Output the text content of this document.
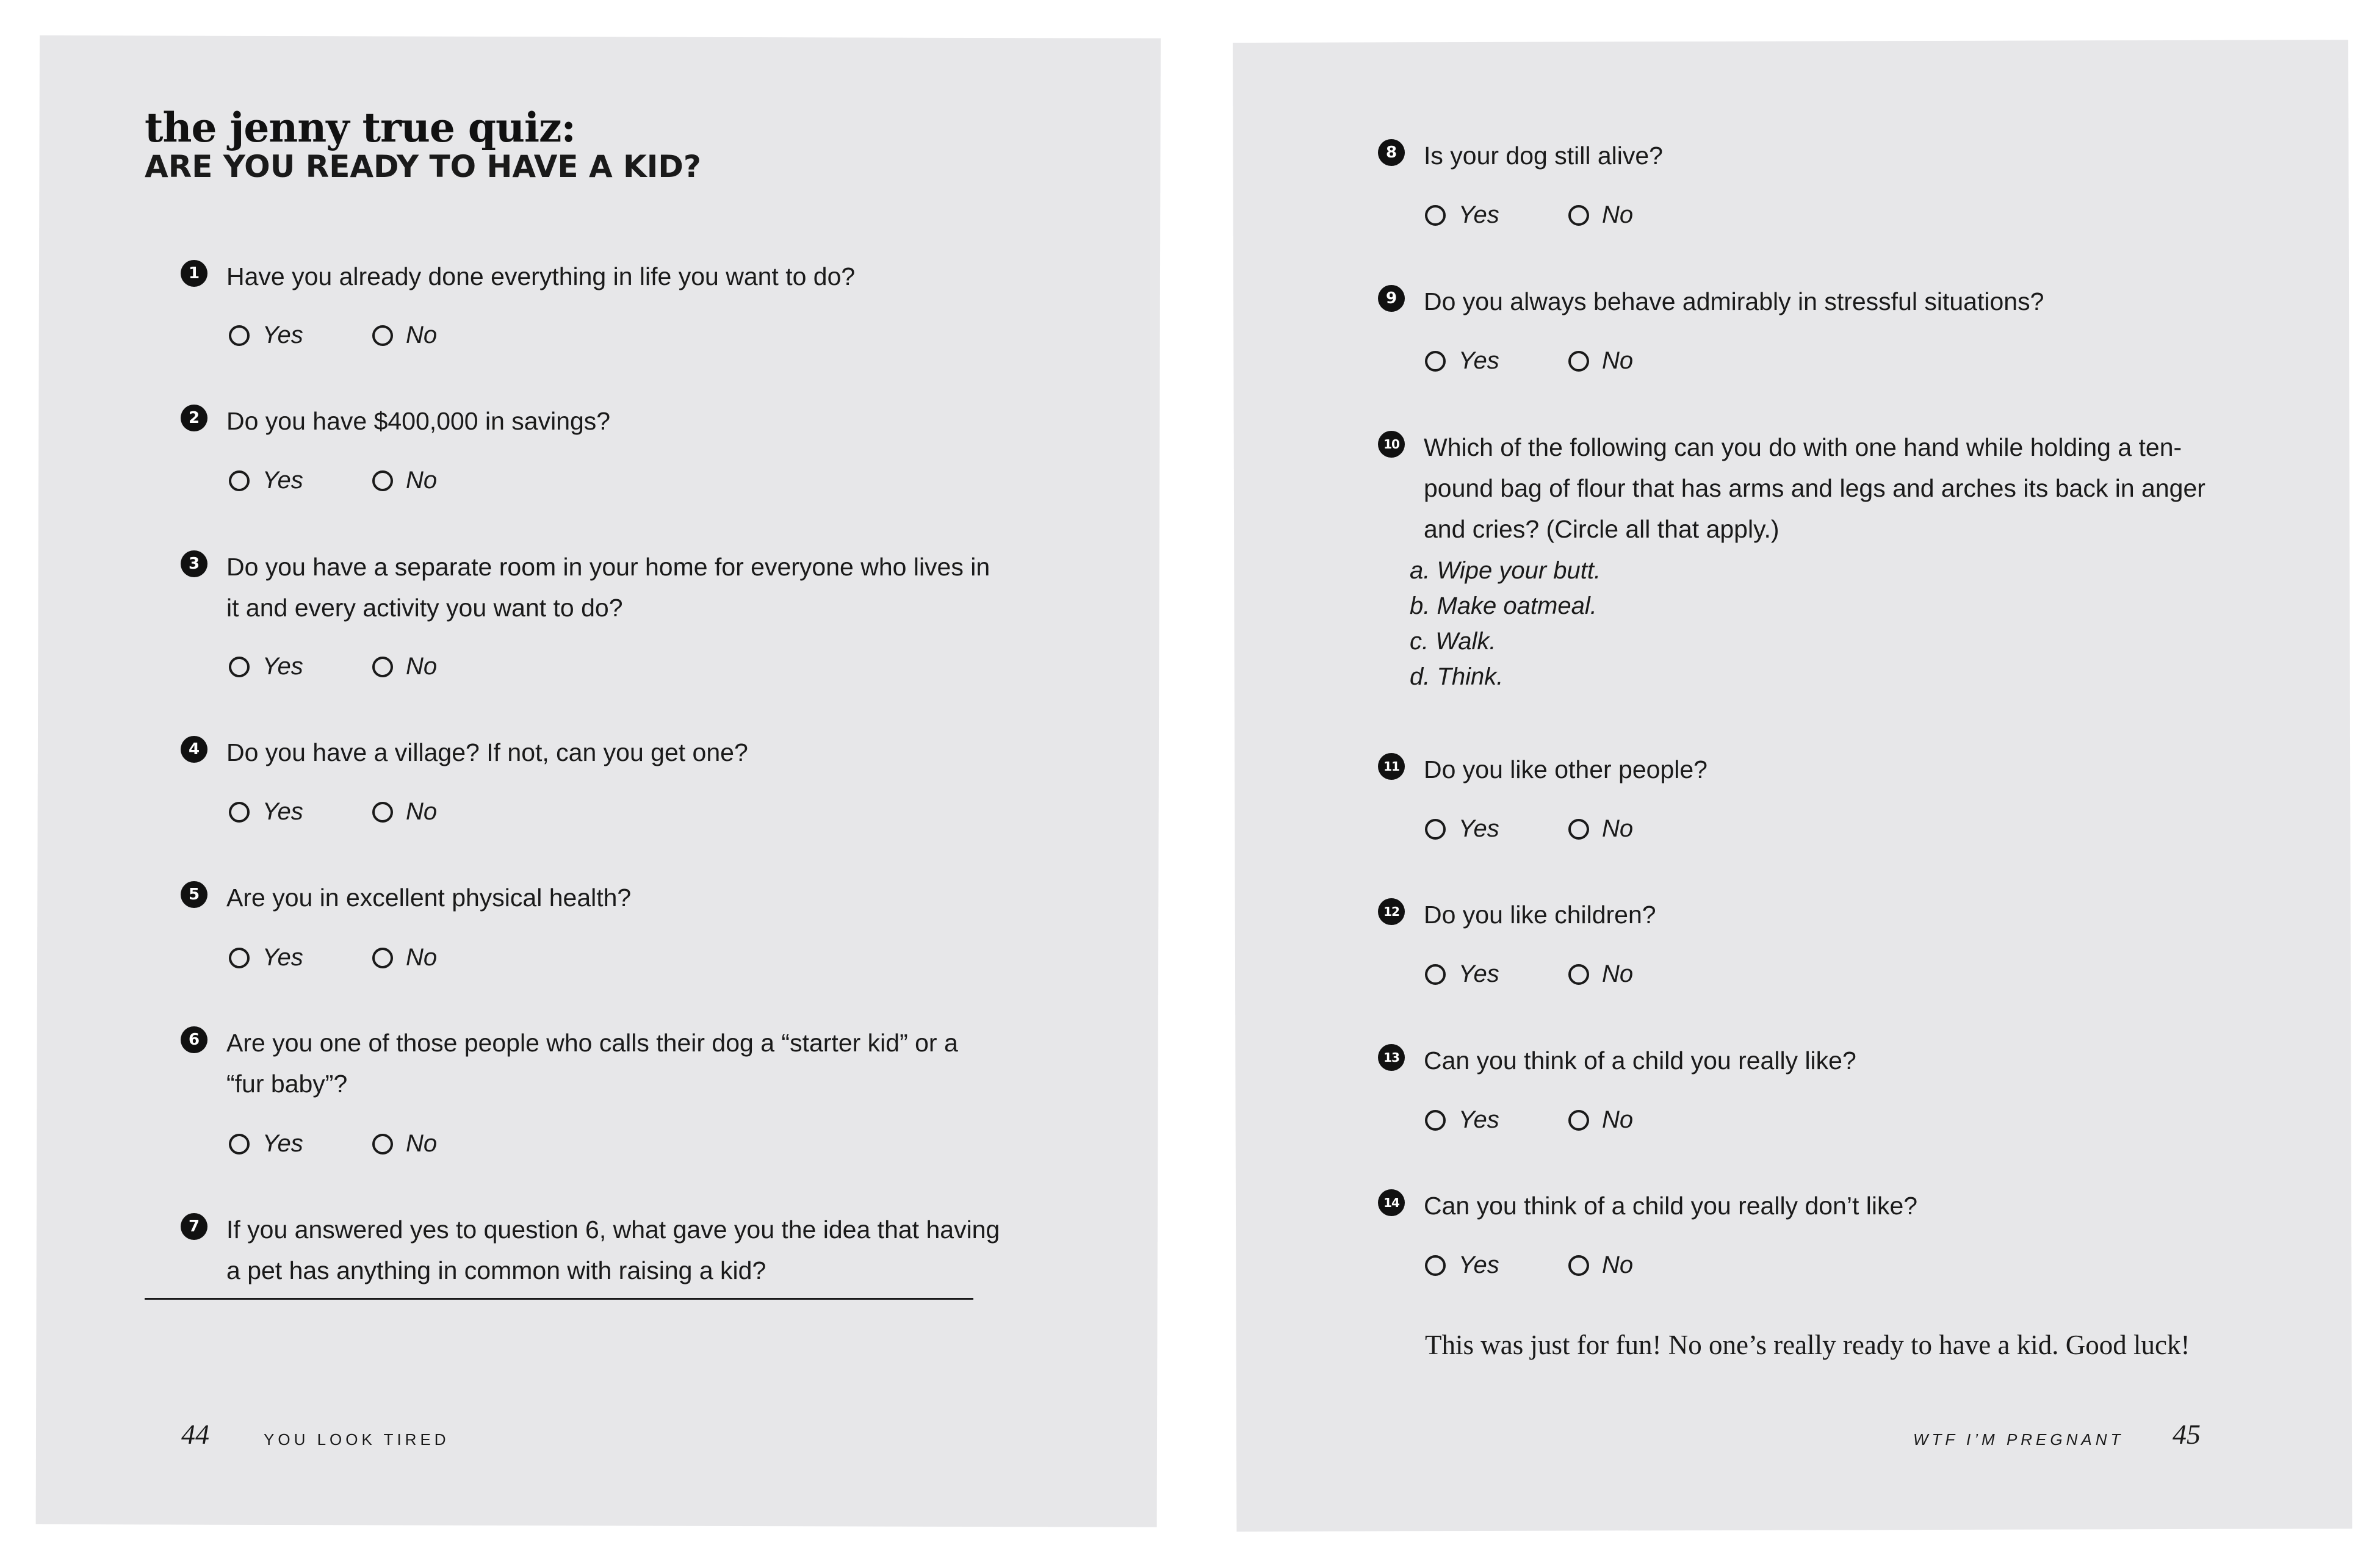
the jenny true quiz:
ARE YOU READY TO HAVE A KID?
1	Have you already done everything in life you want to do?
Yes	No
2	Do you have $400,000 in savings?
Yes	No
3	Do you have a separate room in your home for everyone who lives in
it and every activity you want to do?
Yes	No
4	Do you have a village? If not, can you get one?
Yes	No
5	Are you in excellent physical health?
Yes	No
6	Are you one of those people who calls their dog a “starter kid” or a
“fur baby”?
Yes	No
7	If you answered yes to question 6, what gave you the idea that having
a pet has anything in common with raising a kid?
44	YOU LOOK TIRED
8	Is your dog still alive?
Yes	No
9	Do you always behave admirably in stressful situations?
Yes	No
10 Which of the following can you do with one hand while holding a ten-
pound bag of flour that has arms and legs and arches its back in anger
and cries? (Circle all that apply.)
a. Wipe your butt.
b. Make oatmeal.
c. Walk.
d. Think.
11 Do you like other people?
Yes	No
12 Do you like children?
Yes	No
13 Can you think of a child you really like?
Yes	No
14 Can you think of a child you really don’t like?
Yes	No
This was just for fun! No one’s really ready to have a kid. Good luck!
WTF I’M PREGNANT 45
